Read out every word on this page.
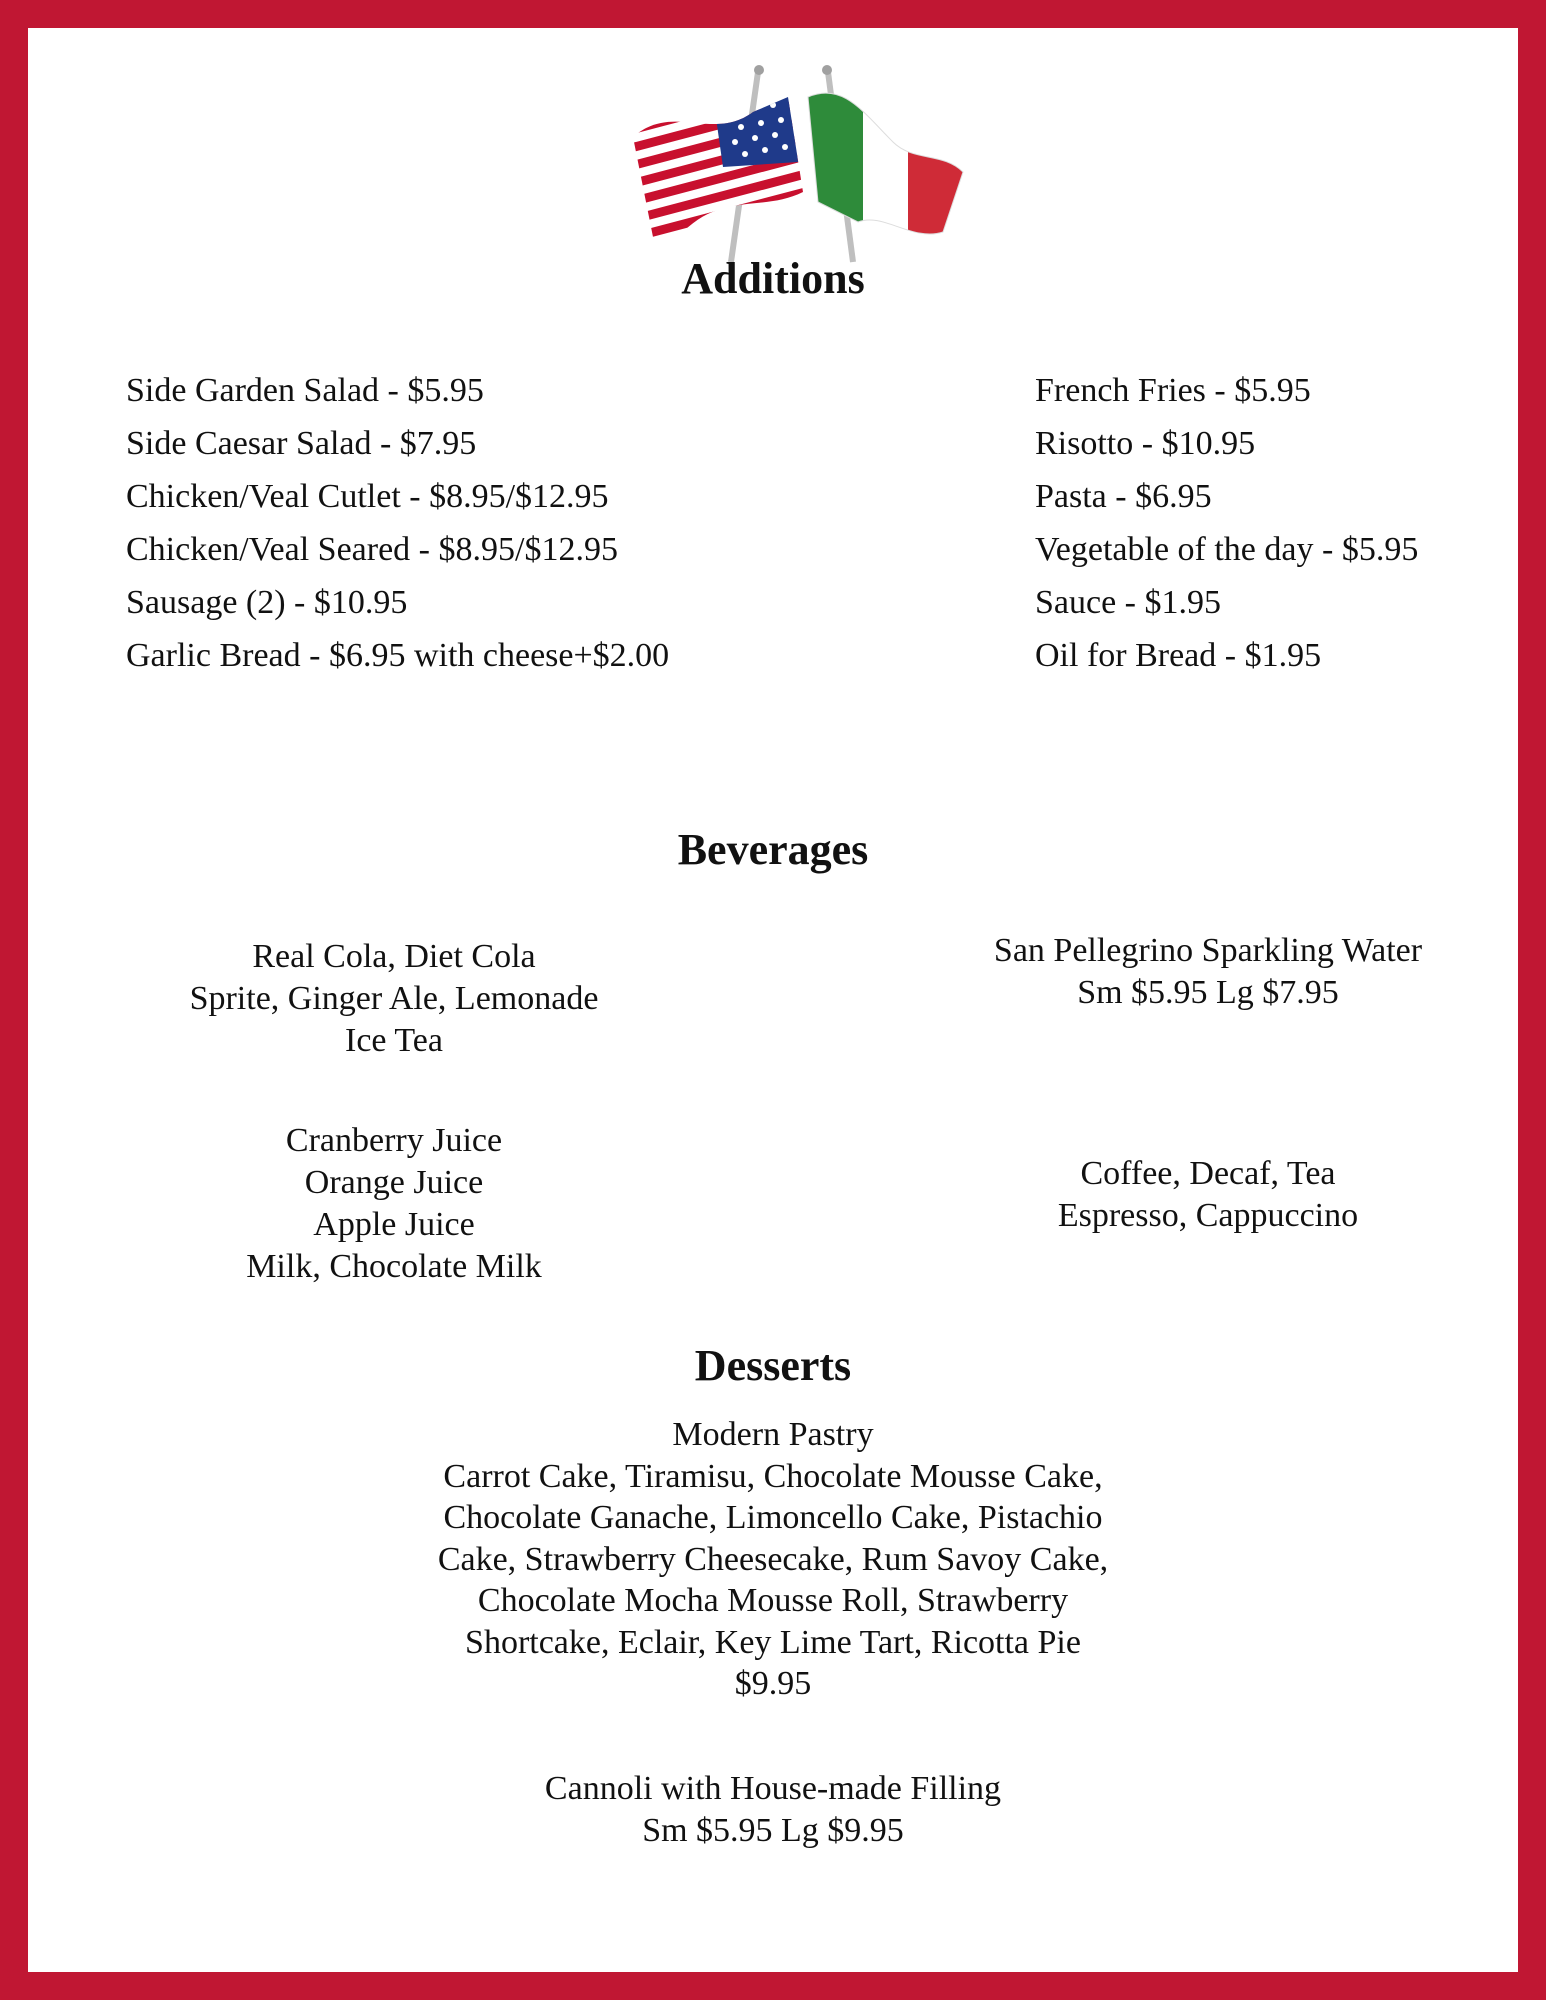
Additions
Side Garden Salad - $5.95
Side Caesar Salad - $7.95
Chicken/Veal Cutlet - $8.95/$12.95
Chicken/Veal Seared - $8.95/$12.95
Sausage (2) - $10.95
Garlic Bread - $6.95 with cheese+$2.00
French Fries - $5.95
Risotto - $10.95
Pasta - $6.95
Vegetable of the day - $5.95
Sauce - $1.95
Oil for Bread - $1.95
Beverages
Real Cola, Diet Cola
Sprite, Ginger Ale, Lemonade
Ice Tea
Cranberry Juice
Orange Juice
Apple Juice
Milk, Chocolate Milk
San Pellegrino Sparkling Water
Sm $5.95 Lg $7.95
Coffee, Decaf, Tea
Espresso, Cappuccino
Desserts
Modern Pastry
Carrot Cake, Tiramisu, Chocolate Mousse Cake,
Chocolate Ganache, Limoncello Cake, Pistachio
Cake, Strawberry Cheesecake, Rum Savoy Cake,
Chocolate Mocha Mousse Roll, Strawberry
Shortcake, Eclair, Key Lime Tart, Ricotta Pie
$9.95
Cannoli with House-made Filling
Sm $5.95 Lg $9.95
